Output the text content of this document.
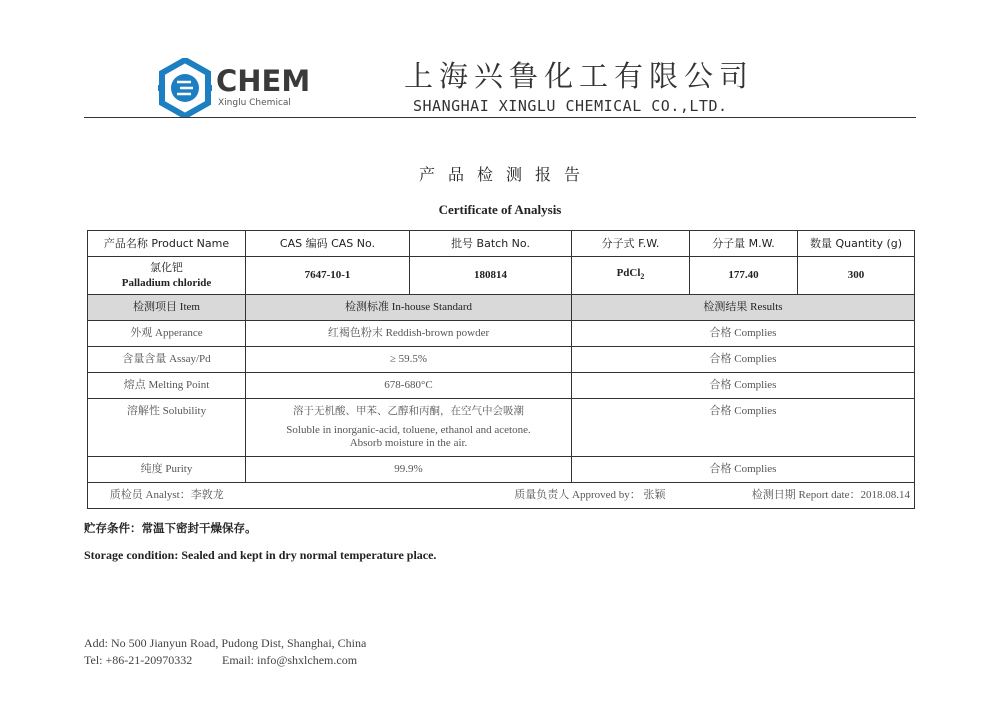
CHEM
Xinglu Chemical
上海兴鲁化工有限公司
SHANGHAI XINGLU CHEMICAL CO.,LTD.
产品检测报告
Certificate of Analysis
产品名称 Product Name	CAS 编码 CAS No.	批号 Batch No.	分子式 F.W.	分子量 M.W.	数量 Quantity (g)

氯化钯
Palladium chloride	7647-10-1	180814	PdCl$_2$	177.40	300
检测项目 Item	检测标准 In-house Standard		检测结果 Results		
外观 Apperance	红褐色粉末 Reddish-brown powder		合格 Complies		
含量含量 Assay/Pd	≥ 59.5%		合格 Complies		
熔点 Melting Point	678-680°C		合格 Complies		
溶解性 Solubility	溶于无机酸、甲苯、乙醇和丙酮，在空气中会吸潮
Soluble in inorganic-acid, toluene, ethanol and acetone.
Absorb moisture in the air.		合格 Complies		
纯度 Purity	99.9%		合格 Complies		
质检员 Analyst：李敦龙	质量负责人 Approved by： 张颖			检测日期 Report date：2018.08.14	
贮存条件：常温下密封干燥保存。
Storage condition: Sealed and kept in dry normal temperature place.
Add: No 500 Jianyun Road, Pudong Dist, Shanghai, China
Tel: +86-21-20970332 Email: info@shxlchem.com
